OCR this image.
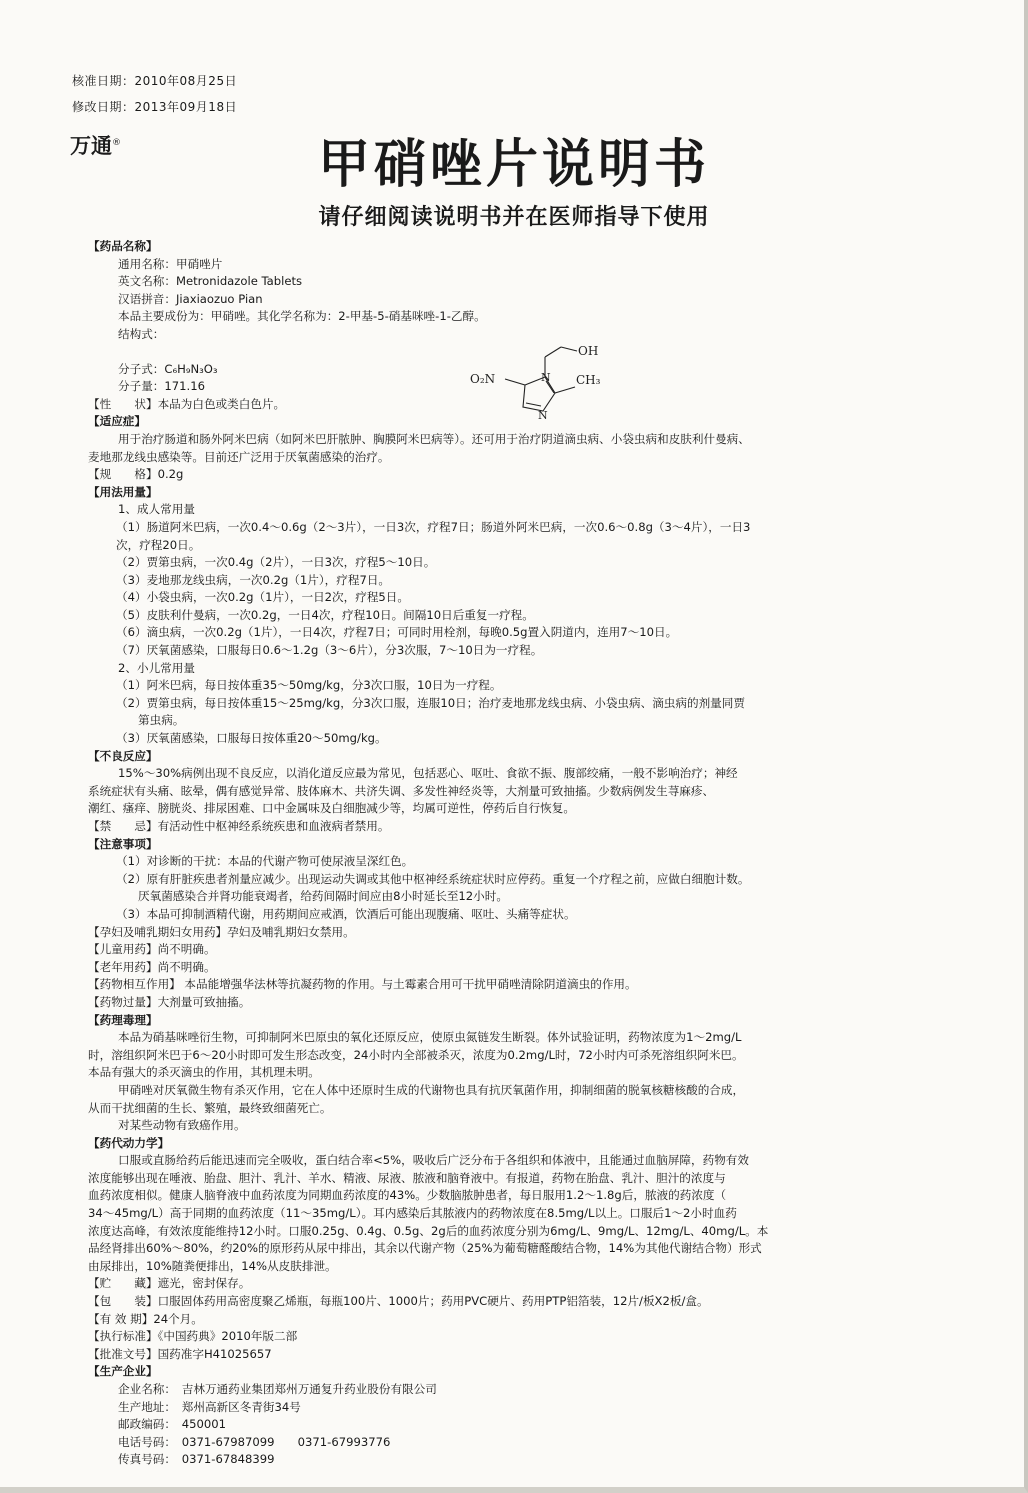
核准日期：2010年08月25日
修改日期：2013年09月18日
万通®	甲硝唑片说明书
请仔细阅读说明书并在医师指导下使用
OH
O₂N	CH₃
N
N
【药品名称】
通用名称：甲硝唑片
英文名称：Metronidazole Tablets
汉语拼音：Jiaxiaozuo Pian
本品主要成份为：甲硝唑。其化学名称为：2-甲基-5-硝基咪唑-1-乙醇。
结构式：
分子式：C₆H₉N₃O₃
分子量：171.16
【性　　状】本品为白色或类白色片。
【适应症】
用于治疗肠道和肠外阿米巴病（如阿米巴肝脓肿、胸膜阿米巴病等）。还可用于治疗阴道滴虫病、小袋虫病和皮肤利什曼病、
麦地那龙线虫感染等。目前还广泛用于厌氧菌感染的治疗。
【规　　格】0.2g
【用法用量】
1、成人常用量
（1）肠道阿米巴病，一次0.4～0.6g（2～3片），一日3次，疗程7日；肠道外阿米巴病，一次0.6～0.8g（3～4片），一日3
次，疗程20日。
（2）贾第虫病，一次0.4g（2片），一日3次，疗程5～10日。
（3）麦地那龙线虫病，一次0.2g（1片），疗程7日。
（4）小袋虫病，一次0.2g（1片），一日2次，疗程5日。
（5）皮肤利什曼病，一次0.2g，一日4次，疗程10日。间隔10日后重复一疗程。
（6）滴虫病，一次0.2g（1片），一日4次，疗程7日；可同时用栓剂，每晚0.5g置入阴道内，连用7～10日。
（7）厌氧菌感染，口服每日0.6～1.2g（3～6片），分3次服，7～10日为一疗程。
2、小儿常用量
（1）阿米巴病，每日按体重35～50mg/kg，分3次口服，10日为一疗程。
（2）贾第虫病，每日按体重15～25mg/kg，分3次口服，连服10日；治疗麦地那龙线虫病、小袋虫病、滴虫病的剂量同贾
第虫病。
（3）厌氧菌感染，口服每日按体重20～50mg/kg。
【不良反应】
15%～30%病例出现不良反应，以消化道反应最为常见，包括恶心、呕吐、食欲不振、腹部绞痛，一般不影响治疗；神经
系统症状有头痛、眩晕，偶有感觉异常、肢体麻木、共济失调、多发性神经炎等，大剂量可致抽搐。少数病例发生荨麻疹、
潮红、瘙痒、膀胱炎、排尿困难、口中金属味及白细胞减少等，均属可逆性，停药后自行恢复。
【禁　　忌】有活动性中枢神经系统疾患和血液病者禁用。
【注意事项】
（1）对诊断的干扰：本品的代谢产物可使尿液呈深红色。
（2）原有肝脏疾患者剂量应减少。出现运动失调或其他中枢神经系统症状时应停药。重复一个疗程之前，应做白细胞计数。
厌氧菌感染合并肾功能衰竭者，给药间隔时间应由8小时延长至12小时。
（3）本品可抑制酒精代谢，用药期间应戒酒，饮酒后可能出现腹痛、呕吐、头痛等症状。
【孕妇及哺乳期妇女用药】孕妇及哺乳期妇女禁用。
【儿童用药】尚不明确。
【老年用药】尚不明确。
【药物相互作用】 本品能增强华法林等抗凝药物的作用。与土霉素合用可干扰甲硝唑清除阴道滴虫的作用。
【药物过量】大剂量可致抽搐。
【药理毒理】
本品为硝基咪唑衍生物，可抑制阿米巴原虫的氧化还原反应，使原虫氮链发生断裂。体外试验证明，药物浓度为1～2mg/L
时，溶组织阿米巴于6～20小时即可发生形态改变，24小时内全部被杀灭，浓度为0.2mg/L时，72小时内可杀死溶组织阿米巴。
本品有强大的杀灭滴虫的作用，其机理未明。
甲硝唑对厌氧微生物有杀灭作用，它在人体中还原时生成的代谢物也具有抗厌氧菌作用，抑制细菌的脱氧核糖核酸的合成，
从而干扰细菌的生长、繁殖，最终致细菌死亡。
对某些动物有致癌作用。
【药代动力学】
口服或直肠给药后能迅速而完全吸收，蛋白结合率<5%，吸收后广泛分布于各组织和体液中，且能通过血脑屏障，药物有效
浓度能够出现在唾液、胎盘、胆汁、乳汁、羊水、精液、尿液、脓液和脑脊液中。有报道，药物在胎盘、乳汁、胆汁的浓度与
血药浓度相似。健康人脑脊液中血药浓度为同期血药浓度的43%。少数脑脓肿患者，每日服用1.2～1.8g后，脓液的药浓度（
34～45mg/L）高于同期的血药浓度（11～35mg/L）。耳内感染后其脓液内的药物浓度在8.5mg/L以上。口服后1～2小时血药
浓度达高峰，有效浓度能维持12小时。口服0.25g、0.4g、0.5g、2g后的血药浓度分别为6mg/L、9mg/L、12mg/L、40mg/L。本
品经肾排出60%～80%，约20%的原形药从尿中排出，其余以代谢产物（25%为葡萄糖醛酸结合物，14%为其他代谢结合物）形式
由尿排出，10%随粪便排出，14%从皮肤排泄。
【贮　　藏】遮光，密封保存。
【包　　装】口服固体药用高密度聚乙烯瓶，每瓶100片、1000片；药用PVC硬片、药用PTP铝箔装，12片/板X2板/盒。
【有 效 期】24个月。
【执行标准】《中国药典》2010年版二部
【批准文号】国药准字H41025657
【生产企业】
企业名称：　吉林万通药业集团郑州万通复升药业股份有限公司
生产地址：　郑州高新区冬青街34号
邮政编码：　450001
电话号码：　0371-67987099　　0371-67993776
传真号码：　0371-67848399
